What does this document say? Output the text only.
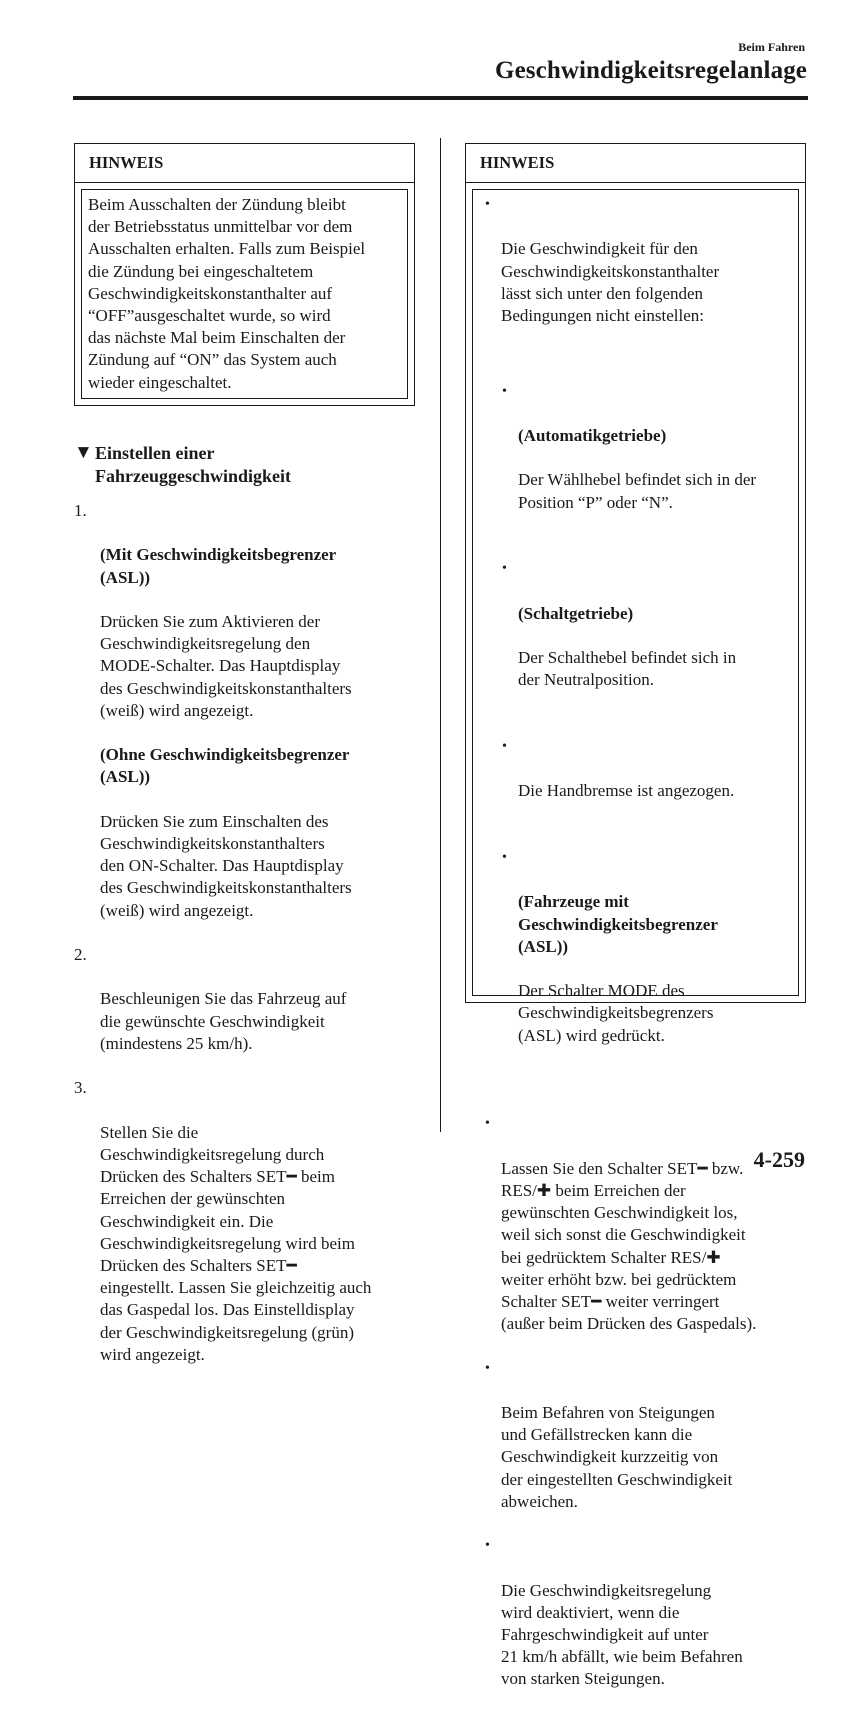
Beim Fahren
Geschwindigkeitsregelanlage
HINWEIS

Beim Ausschalten der Zündung bleibt
der Betriebsstatus unmittelbar vor dem
Ausschalten erhalten. Falls zum Beispiel
die Zündung bei eingeschaltetem
Geschwindigkeitskonstanthalter auf
“OFF”ausgeschaltet wurde, so wird
das nächste Mal beim Einschalten der
Zündung auf “ON” das System auch
wieder eingeschaltet.

▼ Einstellen einer
Fahrzeuggeschwindigkeit

1.

(Mit Geschwindigkeitsbegrenzer
(ASL))

Drücken Sie zum Aktivieren der
Geschwindigkeitsregelung den
MODE-Schalter. Das Hauptdisplay
des Geschwindigkeitskonstanthalters
(weiß) wird angezeigt.

(Ohne Geschwindigkeitsbegrenzer
(ASL))

Drücken Sie zum Einschalten des
Geschwindigkeitskonstanthalters
den ON-Schalter. Das Hauptdisplay
des Geschwindigkeitskonstanthalters
(weiß) wird angezeigt.

2.

Beschleunigen Sie das Fahrzeug auf
die gewünschte Geschwindigkeit
(mindestens 25 km/h).

3.

Stellen Sie die
Geschwindigkeitsregelung durch
Drücken des Schalters SET━ beim
Erreichen der gewünschten
Geschwindigkeit ein. Die
Geschwindigkeitsregelung wird beim
Drücken des Schalters SET━
eingestellt. Lassen Sie gleichzeitig auch
das Gaspedal los. Das Einstelldisplay
der Geschwindigkeitsregelung (grün)
wird angezeigt.

HINWEIS

•

Die Geschwindigkeit für den
Geschwindigkeitskonstanthalter
lässt sich unter den folgenden
Bedingungen nicht einstellen:

•

(Automatikgetriebe)

Der Wählhebel befindet sich in der
Position “P” oder “N”.

•

(Schaltgetriebe)

Der Schalthebel befindet sich in
der Neutralposition.

•

Die Handbremse ist angezogen.

•

(Fahrzeuge mit
Geschwindigkeitsbegrenzer
(ASL))

Der Schalter MODE des
Geschwindigkeitsbegrenzers
(ASL) wird gedrückt.

•

Lassen Sie den Schalter SET━ bzw.
RES/✚ beim Erreichen der
gewünschten Geschwindigkeit los,
weil sich sonst die Geschwindigkeit
bei gedrücktem Schalter RES/✚
weiter erhöht bzw. bei gedrücktem
Schalter SET━ weiter verringert
(außer beim Drücken des Gaspedals).

•

Beim Befahren von Steigungen
und Gefällstrecken kann die
Geschwindigkeit kurzzeitig von
der eingestellten Geschwindigkeit
abweichen.

•

Die Geschwindigkeitsregelung
wird deaktiviert, wenn die
Fahrgeschwindigkeit auf unter
21 km/h abfällt, wie beim Befahren
von starken Steigungen.

4-259
